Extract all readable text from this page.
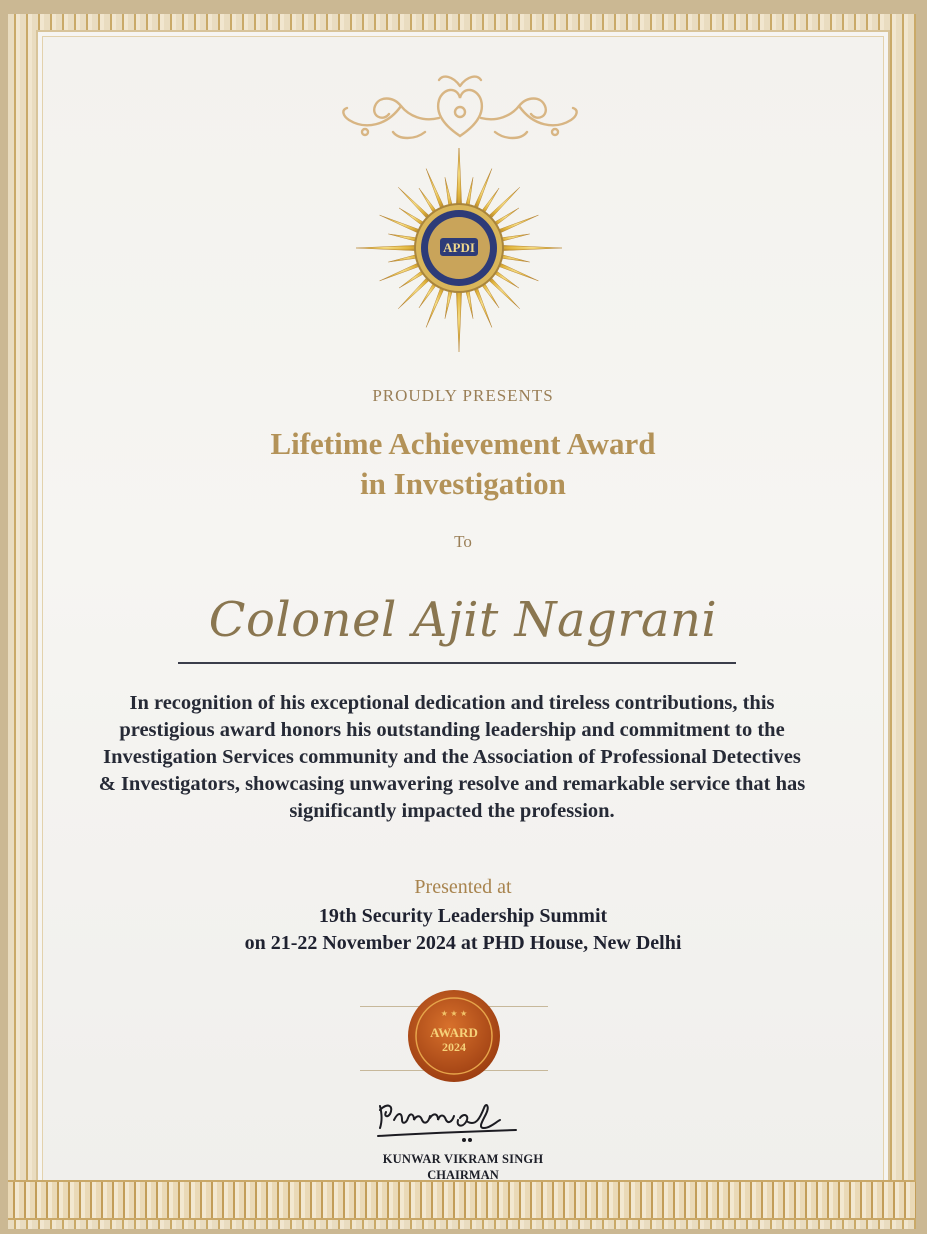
APDI
PROUDLY PRESENTS
Lifetime Achievement Award
in Investigation
To
Colonel Ajit Nagrani
In recognition of his exceptional dedication and tireless contributions, this prestigious award honors his outstanding leadership and commitment to the Investigation Services community and the Association of Professional Detectives & Investigators, showcasing unwavering resolve and remarkable service that has significantly impacted the profession.
Presented at
19th Security Leadership Summit
on 21-22 November 2024 at PHD House, New Delhi
★ ★ ★
AWARD
2024
KUNWAR VIKRAM SINGH
CHAIRMAN
